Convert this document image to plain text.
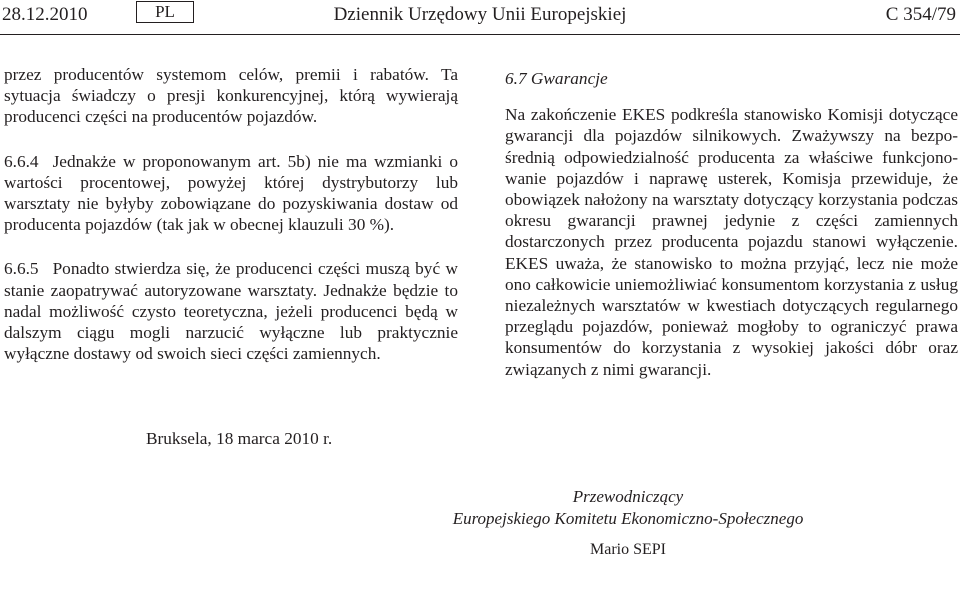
28.12.2010	PL	Dziennik Urzędowy Unii Europejskiej	C 354/79

przez producentów systemom celów, premii i rabatów. Ta sytuacja świadczy o presji konkurencyjnej, którą wywierają producenci części na producentów pojazdów.

6.6.4 Jednakże w proponowanym art. 5b) nie ma wzmianki o wartości procentowej, powyżej której dystrybutorzy lub warsztaty nie byłyby zobowiązane do pozyskiwania dostaw od producenta pojazdów (tak jak w obecnej klauzuli 30 %).

6.6.5 Ponadto stwierdza się, że producenci części muszą być w stanie zaopatrywać autoryzowane warsztaty. Jednakże będzie to nadal możliwość czysto teoretyczna, jeżeli producenci będą w dalszym ciągu mogli narzucić wyłączne lub praktycznie wyłączne dostawy od swoich sieci części zamiennych.

6.7 Gwarancje

Na zakończenie EKES podkreśla stanowisko Komisji dotyczące gwarancji dla pojazdów silnikowych. Zważywszy na bezpośrednią odpowiedzialność producenta za właściwe funkcjonowanie pojazdów i naprawę usterek, Komisja przewiduje, że obowiązek nałożony na warsztaty dotyczący korzystania podczas okresu gwarancji prawnej jedynie z części zamiennych dostarczonych przez producenta pojazdu stanowi wyłączenie. EKES uważa, że stanowisko to można przyjąć, lecz nie może ono całkowicie uniemożliwiać konsumentom korzystania z usług niezależnych warsztatów w kwestiach dotyczących regularnego przeglądu pojazdów, ponieważ mogłoby to ograniczyć prawa konsumentów do korzystania z wysokiej jakości dóbr oraz związanych z nimi gwarancji.

Bruksela, 18 marca 2010 r.
Przewodniczący
Europejskiego Komitetu Ekonomiczno-Społecznego
Mario SEPI
